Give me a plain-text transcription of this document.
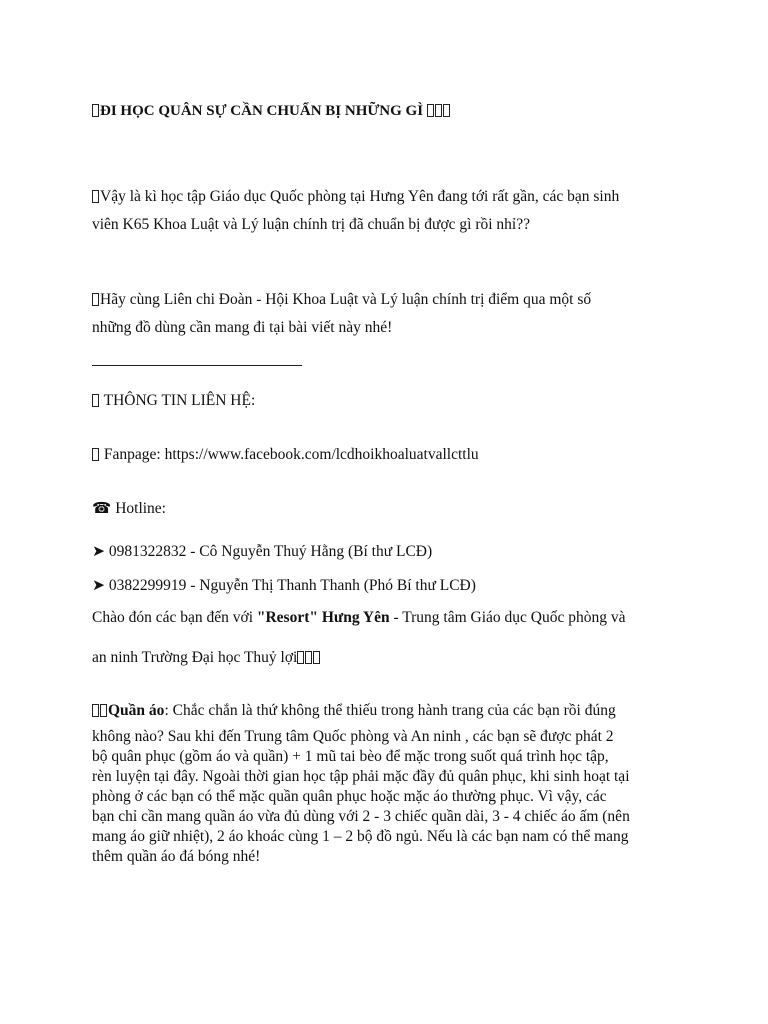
ĐI HỌC QUÂN SỰ CẦN CHUẨN BỊ NHỮNG GÌ
Vậy là kì học tập Giáo dục Quốc phòng tại Hưng Yên đang tới rất gần, các bạn sinh
viên K65 Khoa Luật và Lý luận chính trị đã chuẩn bị được gì rồi nhỉ??
Hãy cùng Liên chi Đoàn - Hội Khoa Luật và Lý luận chính trị điểm qua một số
những đồ dùng cần mang đi tại bài viết này nhé!
THÔNG TIN LIÊN HỆ:
Fanpage: https://www.facebook.com/lcdhoikhoaluatvallcttlu
☎ Hotline:
➤ 0981322832 - Cô Nguyễn Thuý Hằng (Bí thư LCĐ)
➤ 0382299919 - Nguyễn Thị Thanh Thanh (Phó Bí thư LCĐ)
Chào đón các bạn đến với "Resort" Hưng Yên - Trung tâm Giáo dục Quốc phòng và
an ninh Trường Đại học Thuỷ lợi
Quần áo: Chắc chắn là thứ không thể thiếu trong hành trang của các bạn rồi đúng
không nào? Sau khi đến Trung tâm Quốc phòng và An ninh , các bạn sẽ được phát 2
bộ quân phục (gồm áo và quần) + 1 mũ tai bèo để mặc trong suốt quá trình học tập,
rèn luyện tại đây. Ngoài thời gian học tập phải mặc đầy đủ quân phục, khi sinh hoạt tại
phòng ở các bạn có thể mặc quần quân phục hoặc mặc áo thường phục. Vì vậy, các
bạn chỉ cần mang quần áo vừa đủ dùng với 2 - 3 chiếc quần dài, 3 - 4 chiếc áo ấm (nên
mang áo giữ nhiệt), 2 áo khoác cùng 1 – 2 bộ đồ ngủ. Nếu là các bạn nam có thể mang
thêm quần áo đá bóng nhé!
